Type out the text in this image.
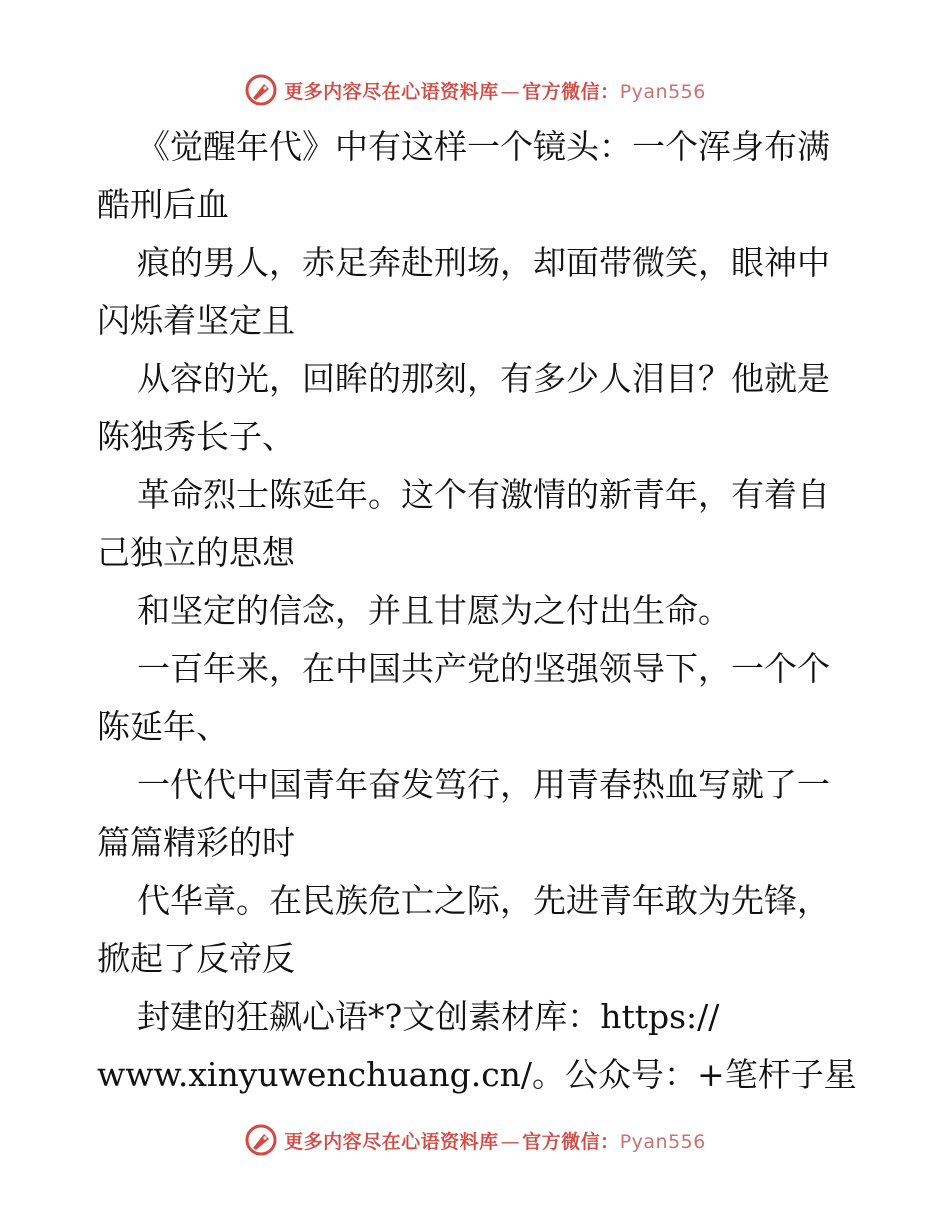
更多内容尽在心语资料库 — 官方微信：Pyan556
《觉醒年代》中有这样一个镜头：一个浑身布满
酷刑后血
痕的男人，赤足奔赴刑场，却面带微笑，眼神中
闪烁着坚定且
从容的光，回眸的那刻，有多少人泪目？他就是
陈独秀长子、
革命烈士陈延年。这个有激情的新青年，有着自
己独立的思想
和坚定的信念，并且甘愿为之付出生命。
一百年来，在中国共产党的坚强领导下，一个个
陈延年、
一代代中国青年奋发笃行，用青春热血写就了一
篇篇精彩的时
代华章。在民族危亡之际，先进青年敢为先锋，
掀起了反帝反
封建的狂飙心语*?文创素材库：https://
www.xinyuwenchuang.cn/。公众号：+笔杆子星
更多内容尽在心语资料库 — 官方微信：Pyan556
